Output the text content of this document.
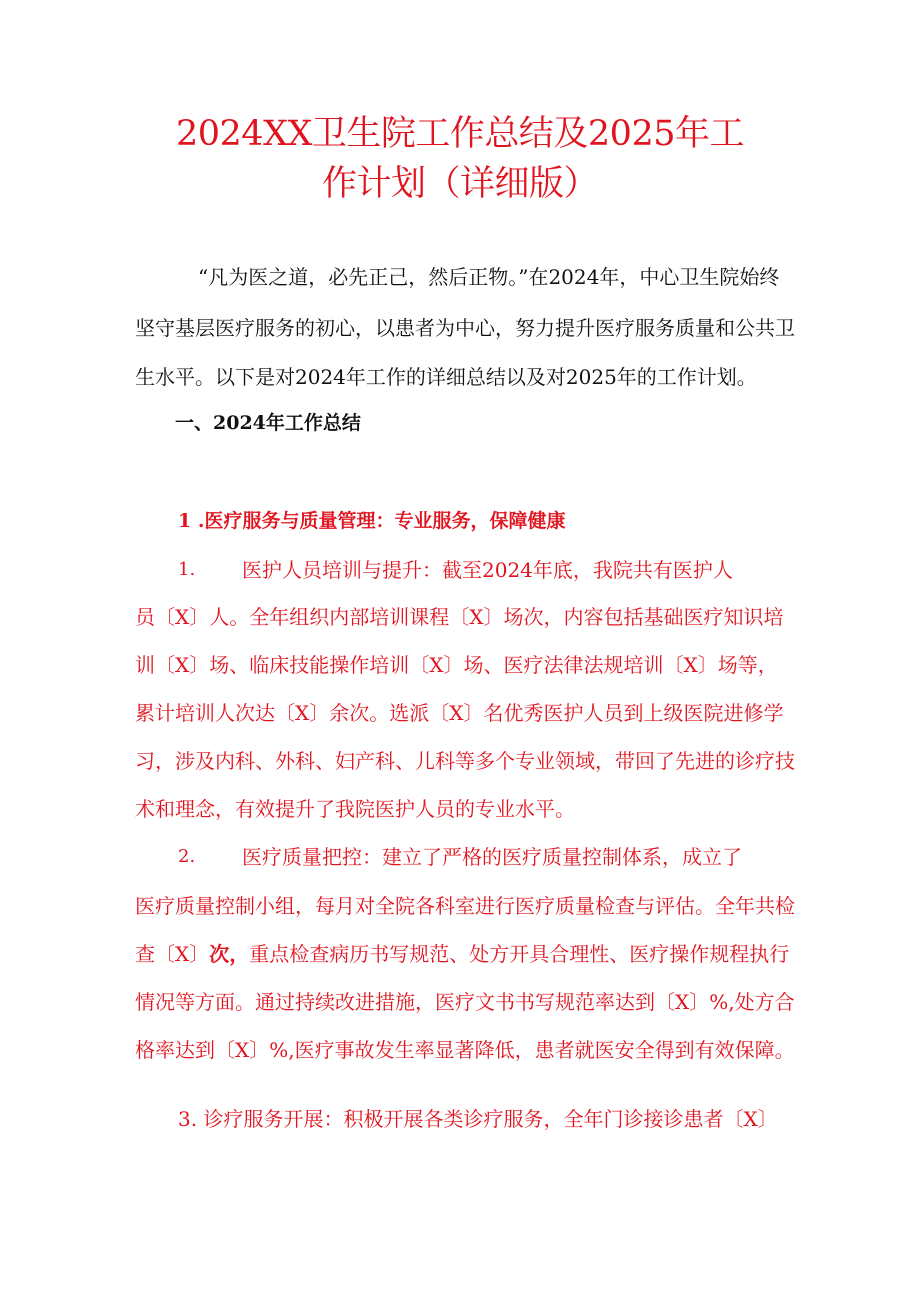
2024XX卫生院工作总结及2025年工
作计划（详细版）
“凡为医之道，必先正己，然后正物。”在2024年，中心卫生院始终
坚守基层医疗服务的初心，以患者为中心，努力提升医疗服务质量和公共卫
生水平。以下是对2024年工作的详细总结以及对2025年的工作计划。
一、2024年工作总结
1 .医疗服务与质量管理：专业服务，保障健康
1. 医护人员培训与提升：截至2024年底，我院共有医护人
员〔X〕人。全年组织内部培训课程〔X〕场次，内容包括基础医疗知识培
训〔X〕场、临床技能操作培训〔X〕场、医疗法律法规培训〔X〕场等，
累计培训人次达〔X〕余次。选派〔X〕名优秀医护人员到上级医院进修学
习，涉及内科、外科、妇产科、儿科等多个专业领域，带回了先进的诊疗技
术和理念，有效提升了我院医护人员的专业水平。
2. 医疗质量把控：建立了严格的医疗质量控制体系，成立了
医疗质量控制小组，每月对全院各科室进行医疗质量检查与评估。全年共检
查〔X〕次，重点检查病历书写规范、处方开具合理性、医疗操作规程执行
情况等方面。通过持续改进措施，医疗文书书写规范率达到〔X〕%,处方合
格率达到〔X〕%,医疗事故发生率显著降低，患者就医安全得到有效保障。
3. 诊疗服务开展：积极开展各类诊疗服务，全年门诊接诊患者〔X〕
